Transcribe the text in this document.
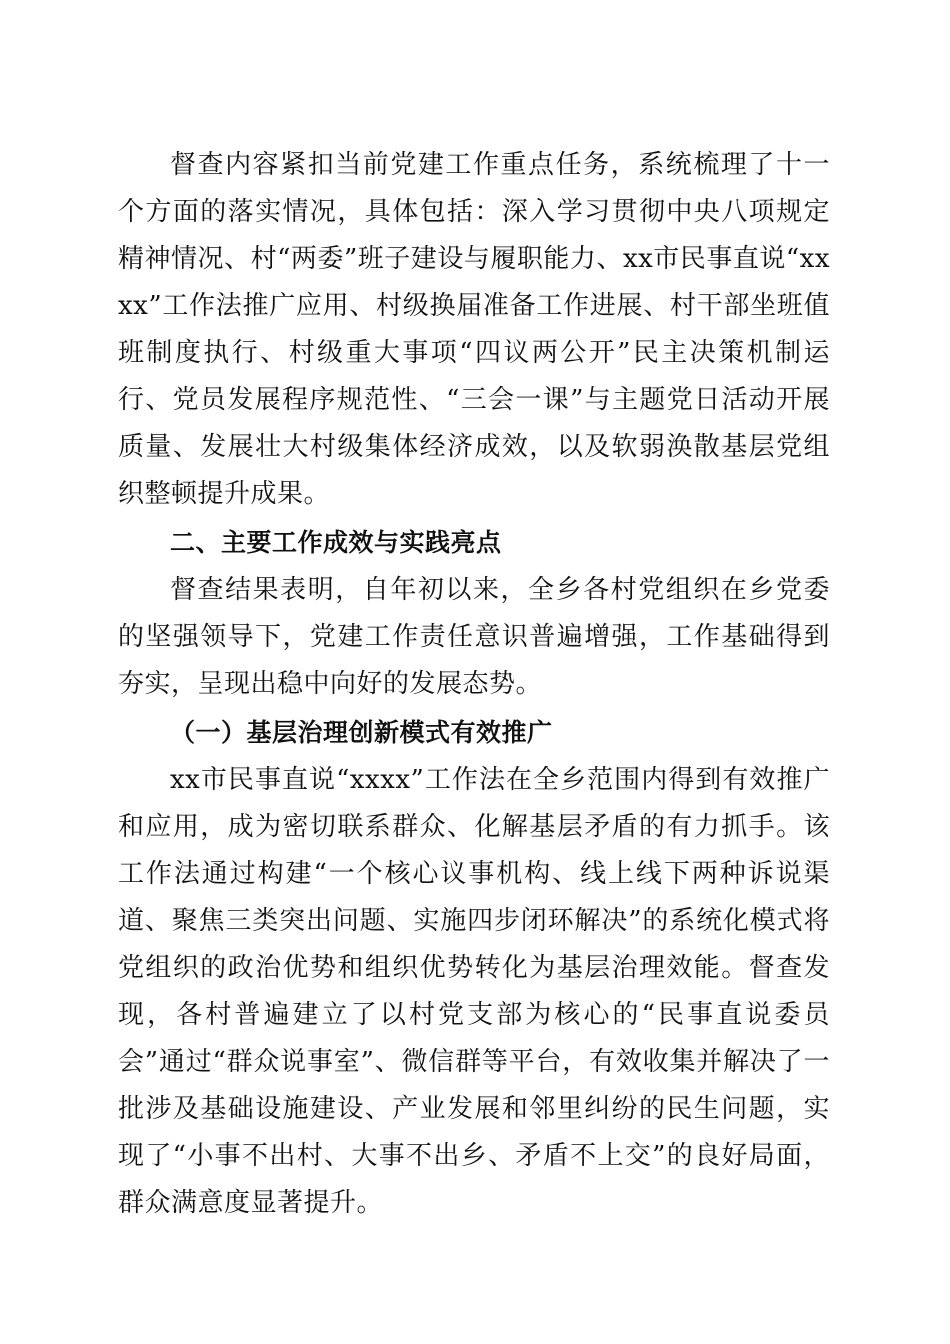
督查内容紧扣当前党建工作重点任务，系统梳理了十一个方面的落实情况，具体包括：深入学习贯彻中央八项规定精神情况、村“两委”班子建设与履职能力、xx市民事直说“xxxx”工作法推广应用、村级换届准备工作进展、村干部坐班值班制度执行、村级重大事项“四议两公开”民主决策机制运行、党员发展程序规范性、“三会一课”与主题党日活动开展质量、发展壮大村级集体经济成效，以及软弱涣散基层党组织整顿提升成果。

二、主要工作成效与实践亮点

督查结果表明，自年初以来，全乡各村党组织在乡党委的坚强领导下，党建工作责任意识普遍增强，工作基础得到夯实，呈现出稳中向好的发展态势。

（一）基层治理创新模式有效推广

xx市民事直说“xxxx”工作法在全乡范围内得到有效推广和应用，成为密切联系群众、化解基层矛盾的有力抓手。该工作法通过构建“一个核心议事机构、线上线下两种诉说渠道、聚焦三类突出问题、实施四步闭环解决”的系统化模式将党组织的政治优势和组织优势转化为基层治理效能。督查发现，各村普遍建立了以村党支部为核心的“民事直说委员会”通过“群众说事室”、微信群等平台，有效收集并解决了一批涉及基础设施建设、产业发展和邻里纠纷的民生问题，实现了“小事不出村、大事不出乡、矛盾不上交”的良好局面，群众满意度显著提升。
